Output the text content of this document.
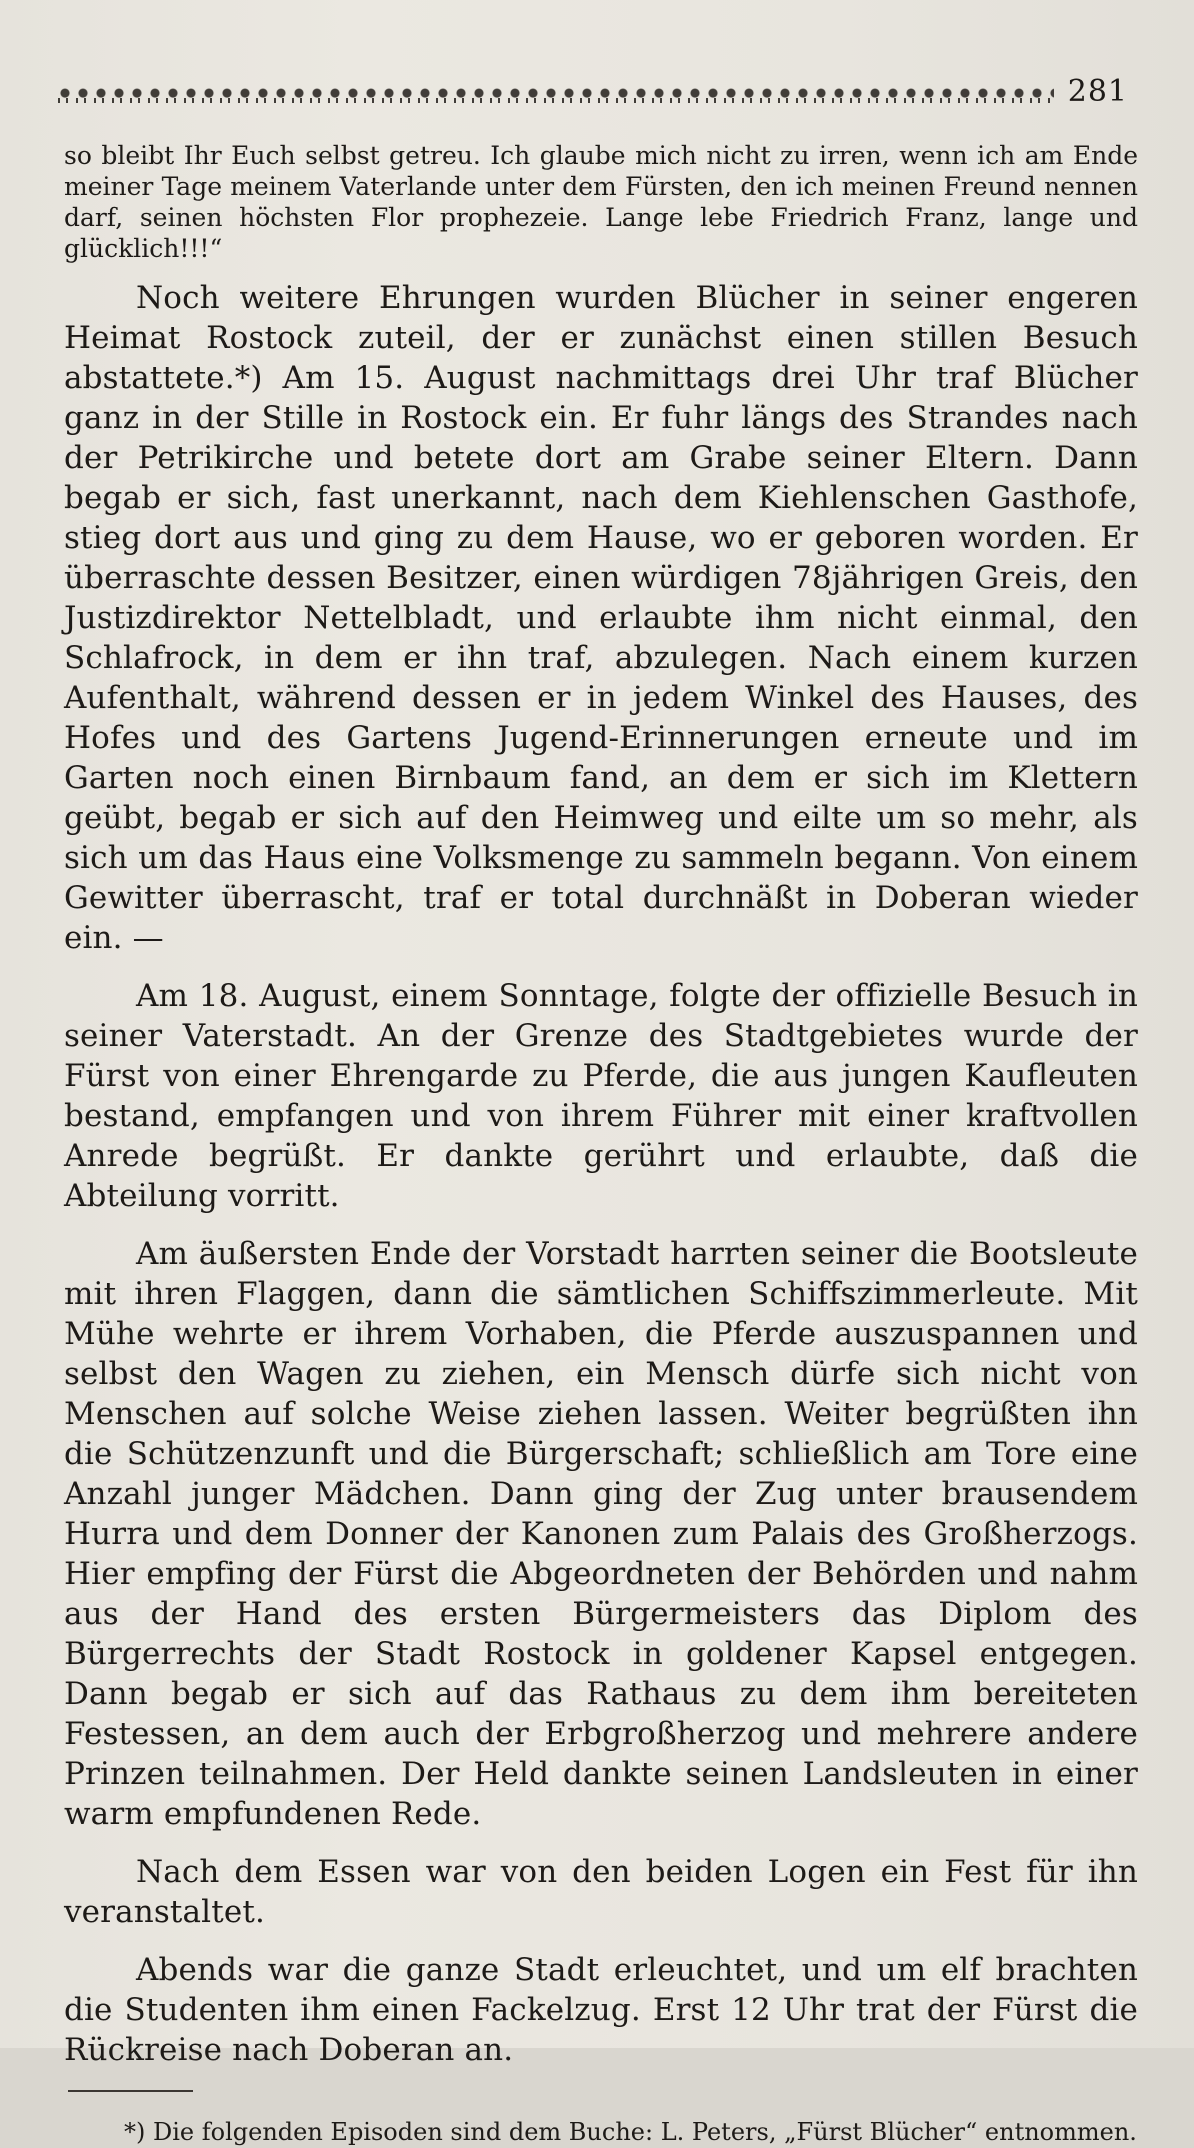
281

so bleibt Ihr Euch selbst getreu. Ich glaube mich nicht zu irren, wenn ich am Ende meiner Tage meinem Vaterlande unter dem Fürsten, den ich meinen Freund nennen darf, seinen höchsten Flor prophezeie. Lange lebe Friedrich Franz, lange und glücklich!!!“

Noch weitere Ehrungen wurden Blücher in seiner engeren Heimat Rostock zuteil, der er zunächst einen stillen Besuch abstattete.*) Am 15. August nachmittags drei Uhr traf Blücher ganz in der Stille in Rostock ein. Er fuhr längs des Strandes nach der Petrikirche und betete dort am Grabe seiner Eltern. Dann begab er sich, fast unerkannt, nach dem Kiehlenschen Gasthofe, stieg dort aus und ging zu dem Hause, wo er geboren worden. Er überraschte dessen Besitzer, einen würdigen 78jährigen Greis, den Justizdirektor Nettelbladt, und erlaubte ihm nicht einmal, den Schlafrock, in dem er ihn traf, abzulegen. Nach einem kurzen Aufenthalt, während dessen er in jedem Winkel des Hauses, des Hofes und des Gartens Jugend-Erinnerungen erneute und im Garten noch einen Birnbaum fand, an dem er sich im Klettern geübt, begab er sich auf den Heimweg und eilte um so mehr, als sich um das Haus eine Volksmenge zu sammeln begann. Von einem Gewitter überrascht, traf er total durchnäßt in Doberan wieder ein. —

Am 18. August, einem Sonntage, folgte der offizielle Besuch in seiner Vaterstadt. An der Grenze des Stadtgebietes wurde der Fürst von einer Ehrengarde zu Pferde, die aus jungen Kaufleuten bestand, empfangen und von ihrem Führer mit einer kraftvollen Anrede begrüßt. Er dankte gerührt und erlaubte, daß die Abteilung vorritt.

Am äußersten Ende der Vorstadt harrten seiner die Bootsleute mit ihren Flaggen, dann die sämtlichen Schiffszimmerleute. Mit Mühe wehrte er ihrem Vorhaben, die Pferde auszuspannen und selbst den Wagen zu ziehen, ein Mensch dürfe sich nicht von Menschen auf solche Weise ziehen lassen. Weiter begrüßten ihn die Schützenzunft und die Bürgerschaft; schließlich am Tore eine Anzahl junger Mädchen. Dann ging der Zug unter brausendem Hurra und dem Donner der Kanonen zum Palais des Großherzogs. Hier empfing der Fürst die Abgeordneten der Behörden und nahm aus der Hand des ersten Bürgermeisters das Diplom des Bürgerrechts der Stadt Rostock in goldener Kapsel entgegen. Dann begab er sich auf das Rathaus zu dem ihm bereiteten Festessen, an dem auch der Erbgroßherzog und mehrere andere Prinzen teilnahmen. Der Held dankte seinen Landsleuten in einer warm empfundenen Rede.

Nach dem Essen war von den beiden Logen ein Fest für ihn veranstaltet.

Abends war die ganze Stadt erleuchtet, und um elf brachten die Studenten ihm einen Fackelzug. Erst 12 Uhr trat der Fürst die Rückreise nach Doberan an.

*) Die folgenden Episoden sind dem Buche: L. Peters, „Fürst Blücher“ entnommen.
